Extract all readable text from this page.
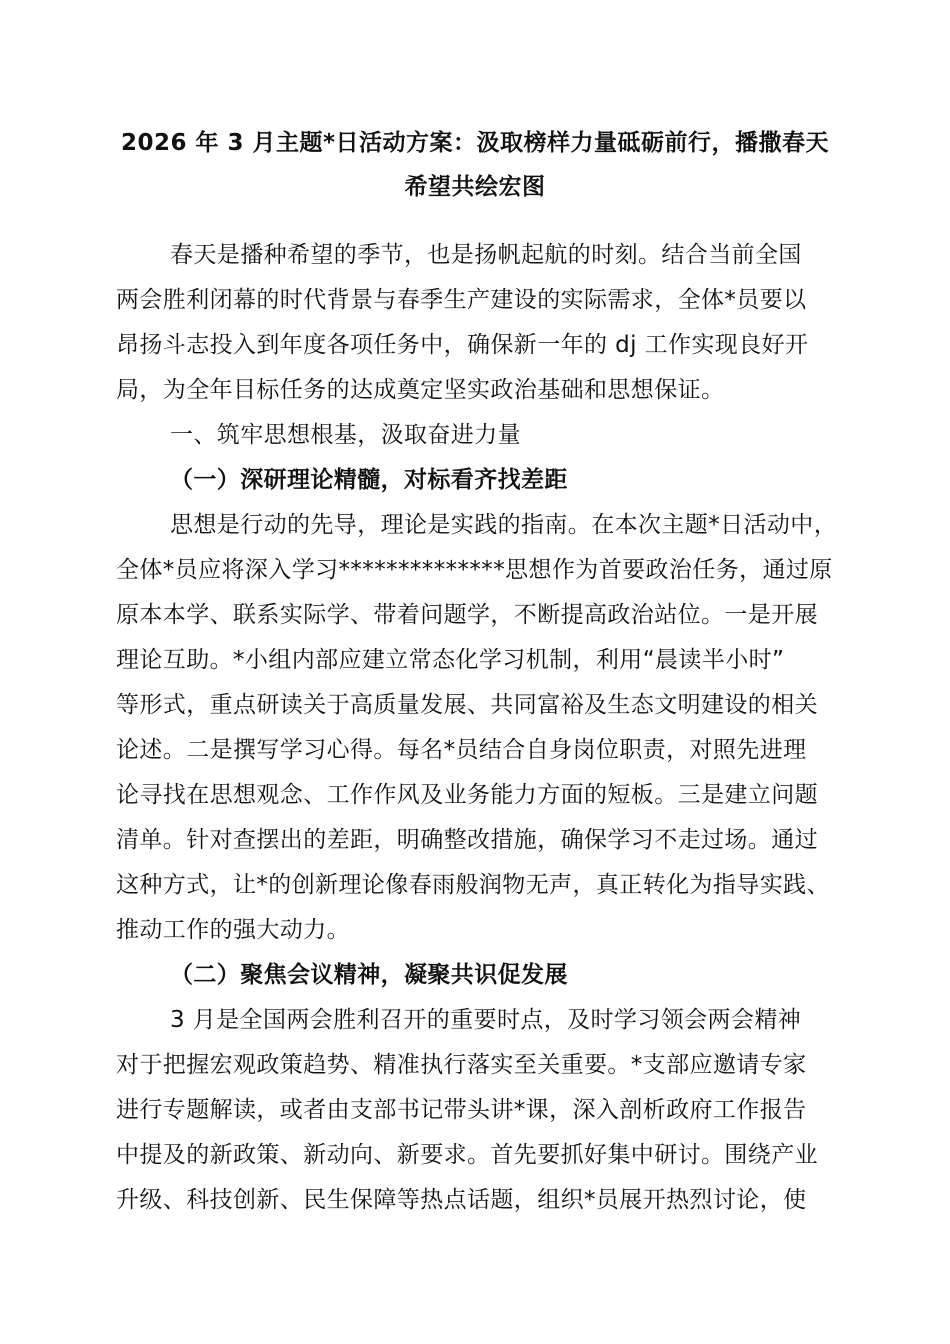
2026 年 3 月主题*日活动方案：汲取榜样力量砥砺前行，播撒春天
希望共绘宏图
春天是播种希望的季节，也是扬帆起航的时刻。结合当前全国
两会胜利闭幕的时代背景与春季生产建设的实际需求，全体*员要以
昂扬斗志投入到年度各项任务中，确保新一年的 dj 工作实现良好开
局，为全年目标任务的达成奠定坚实政治基础和思想保证。
一、筑牢思想根基，汲取奋进力量
（一）深研理论精髓，对标看齐找差距
思想是行动的先导，理论是实践的指南。在本次主题*日活动中，
全体*员应将深入学习**************思想作为首要政治任务，通过原
原本本学、联系实际学、带着问题学，不断提高政治站位。一是开展
理论互助。*小组内部应建立常态化学习机制，利用“晨读半小时”
等形式，重点研读关于高质量发展、共同富裕及生态文明建设的相关
论述。二是撰写学习心得。每名*员结合自身岗位职责，对照先进理
论寻找在思想观念、工作作风及业务能力方面的短板。三是建立问题
清单。针对查摆出的差距，明确整改措施，确保学习不走过场。通过
这种方式，让*的创新理论像春雨般润物无声，真正转化为指导实践、
推动工作的强大动力。
（二）聚焦会议精神，凝聚共识促发展
3 月是全国两会胜利召开的重要时点，及时学习领会两会精神
对于把握宏观政策趋势、精准执行落实至关重要。*支部应邀请专家
进行专题解读，或者由支部书记带头讲*课，深入剖析政府工作报告
中提及的新政策、新动向、新要求。首先要抓好集中研讨。围绕产业
升级、科技创新、民生保障等热点话题，组织*员展开热烈讨论，使
